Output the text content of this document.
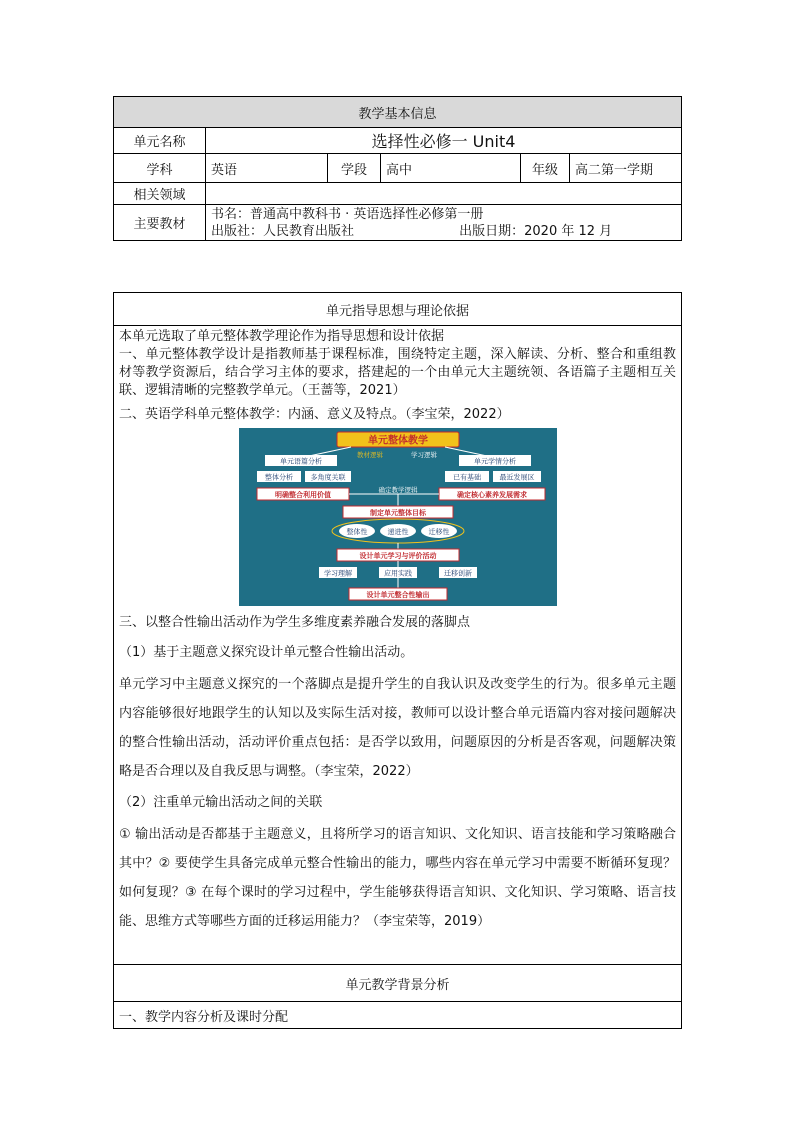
教学基本信息					
单元名称	选择性必修一 Unit4				
学科	英语	学段	高中	年级	高二第一学期
相关领域					
主要教材	书名：普通高中教科书 · 英语选择性必修第一册
出版社：人民教育出版社 出版日期：2020 年 12 月				
单元指导思想与理论依据

本单元选取了单元整体教学理论作为指导思想和设计依据

一、单元整体教学设计是指教师基于课程标准，围绕特定主题，深入解读、分析、整合和重组教材等教学资源后，结合学习主体的要求，搭建起的一个由单元大主题统领、各语篇子主题相互关联、逻辑清晰的完整教学单元。（王蔷等，2021）

二、英语学科单元整体教学：内涵、意义及特点。（李宝荣，2022）

单元整体教学
教材逻辑	学习逻辑
单元语篇分析	单元学情分析
整体分析	多角度关联	已有基础	最近发展区
明确整合利用价值	确定核心素养发展需求
确定教学逻辑
制定单元整体目标
整体性	递进性	迁移性
设计单元学习与评价活动
学习理解	应用实践	迁移创新
设计单元整合性输出

三、以整合性输出活动作为学生多维度素养融合发展的落脚点

（1）基于主题意义探究设计单元整合性输出活动。

单元学习中主题意义探究的一个落脚点是提升学生的自我认识及改变学生的行为。很多单元主题内容能够很好地跟学生的认知以及实际生活对接，教师可以设计整合单元语篇内容对接问题解决的整合性输出活动，活动评价重点包括：是否学以致用，问题原因的分析是否客观，问题解决策略是否合理以及自我反思与调整。（李宝荣，2022）

（2）注重单元输出活动之间的关联

① 输出活动是否都基于主题意义，且将所学习的语言知识、文化知识、语言技能和学习策略融合其中？② 要使学生具备完成单元整合性输出的能力，哪些内容在单元学习中需要不断循环复现？如何复现？③ 在每个课时的学习过程中，学生能够获得语言知识、文化知识、学习策略、语言技能、思维方式等哪些方面的迁移运用能力？（李宝荣等，2019）

单元教学背景分析
一、教学内容分析及课时分配
